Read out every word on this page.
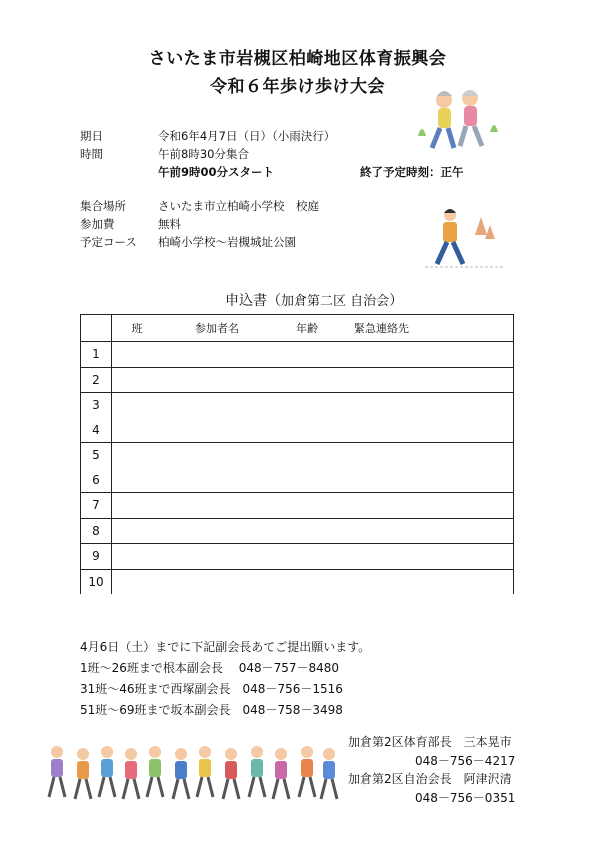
さいたま市岩槻区柏崎地区体育振興会
令和６年歩け歩け大会
期日	令和6年4月7日（日）（小雨決行）
時間	午前8時30分集合
午前9時00分スタート	終了予定時刻：正午
集合場所	さいたま市立柏崎小学校　校庭
参加費	無料
予定コース 柏崎小学校～岩槻城址公園
申込書（加倉第二区 自治会）
	班	参加者名	年齢	緊急連絡先
1				
2				
3				
4				
5				
6				
7				
8				
9				
10				
4月6日（土）までに下記副会長あてご提出願います。
1班～26班まで根本副会長　 048－757－8480
31班～46班まで西塚副会長　048－756－1516
51班～69班まで坂本副会長　048－758－3498
加倉第2区体育部長　三本晃市
048－756－4217
加倉第2区自治会長　阿津沢清
048－756－0351
